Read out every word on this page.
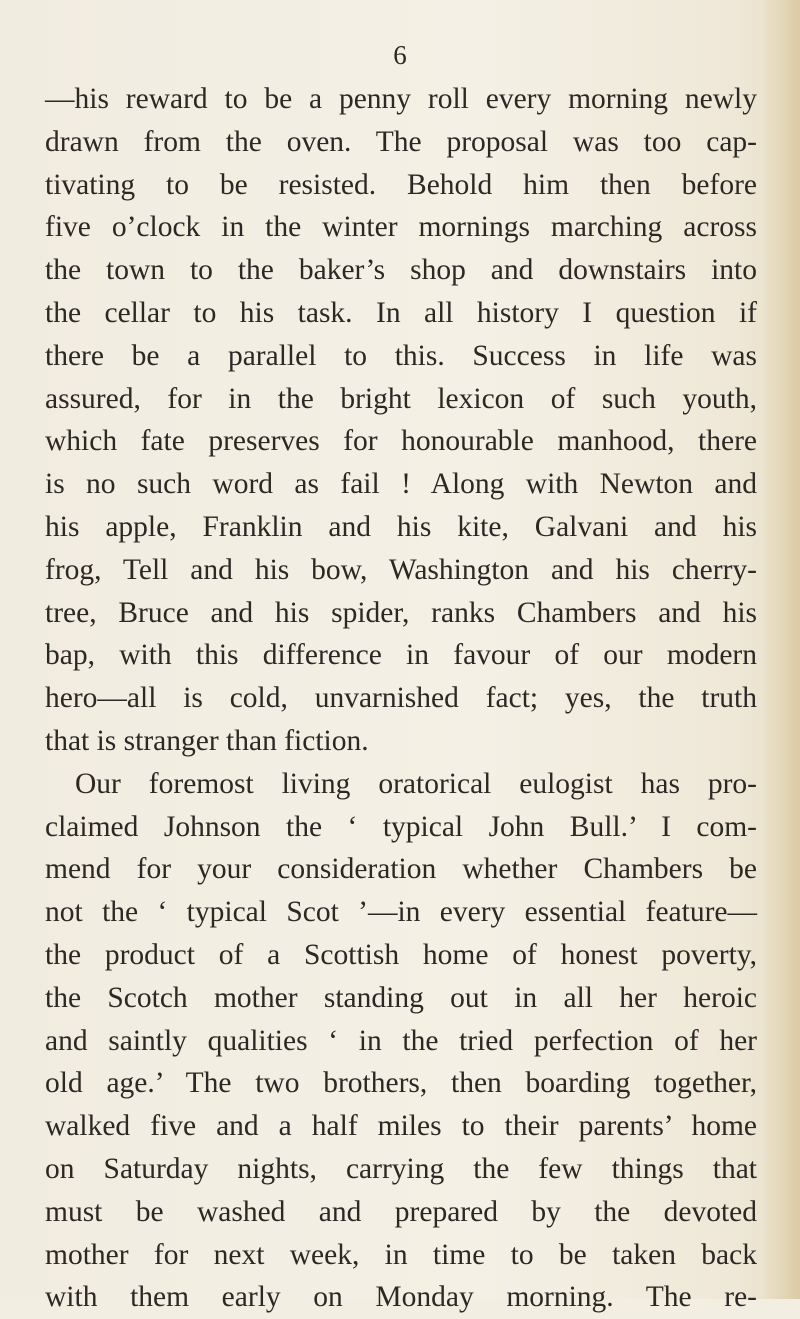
6
—his reward to be a penny roll every morning newly
drawn from the oven. The proposal was too cap-
tivating to be resisted. Behold him then before
five o’clock in the winter mornings marching across
the town to the baker’s shop and downstairs into
the cellar to his task. In all history I question if
there be a parallel to this. Success in life was
assured, for in the bright lexicon of such youth,
which fate preserves for honourable manhood, there
is no such word as fail ! Along with Newton and
his apple, Franklin and his kite, Galvani and his
frog, Tell and his bow, Washington and his cherry-
tree, Bruce and his spider, ranks Chambers and his
bap, with this difference in favour of our modern
hero—all is cold, unvarnished fact; yes, the truth
that is stranger than fiction.
Our foremost living oratorical eulogist has pro-
claimed Johnson the ‘ typical John Bull.’ I com-
mend for your consideration whether Chambers be
not the ‘ typical Scot ’—in every essential feature—
the product of a Scottish home of honest poverty,
the Scotch mother standing out in all her heroic
and saintly qualities ‘ in the tried perfection of her
old age.’ The two brothers, then boarding together,
walked five and a half miles to their parents’ home
on Saturday nights, carrying the few things that
must be washed and prepared by the devoted
mother for next week, in time to be taken back
with them early on Monday morning. The re-
